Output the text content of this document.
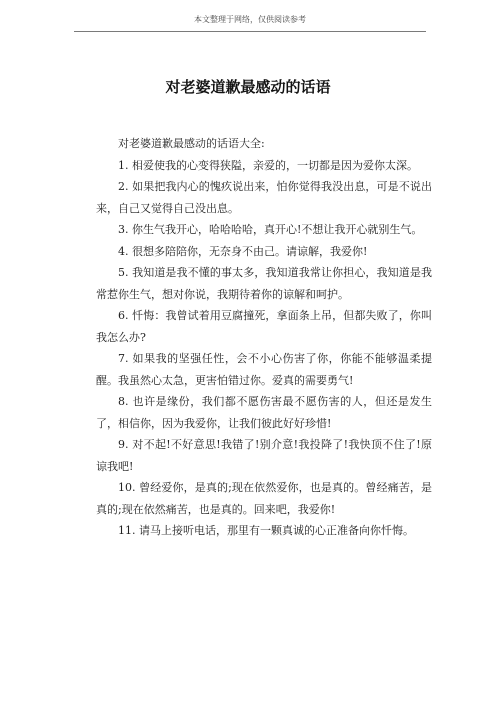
本文整理于网络，仅供阅读参考
对老婆道歉最感动的话语

对老婆道歉最感动的话语大全:

1. 相爱使我的心变得狭隘，亲爱的，一切都是因为爱你太深。

2. 如果把我内心的愧疚说出来，怕你觉得我没出息，可是不说出来，自己又觉得自己没出息。

3. 你生气我开心，哈哈哈哈，真开心!不想让我开心就别生气。

4. 很想多陪陪你，无奈身不由己。请谅解，我爱你!

5. 我知道是我不懂的事太多，我知道我常让你担心，我知道是我常惹你生气，想对你说，我期待着你的谅解和呵护。

6. 忏悔：我曾试着用豆腐撞死，拿面条上吊，但都失败了，你叫我怎么办?

7. 如果我的坚强任性，会不小心伤害了你，你能不能够温柔提醒。我虽然心太急，更害怕错过你。爱真的需要勇气!

8. 也许是缘份，我们都不愿伤害最不愿伤害的人，但还是发生了，相信你，因为我爱你，让我们彼此好好珍惜!

9. 对不起!不好意思!我错了!别介意!我投降了!我快顶不住了!原谅我吧!

10. 曾经爱你，是真的;现在依然爱你，也是真的。曾经痛苦，是真的;现在依然痛苦，也是真的。回来吧，我爱你!

11. 请马上接听电话，那里有一颗真诚的心正准备向你忏悔。
